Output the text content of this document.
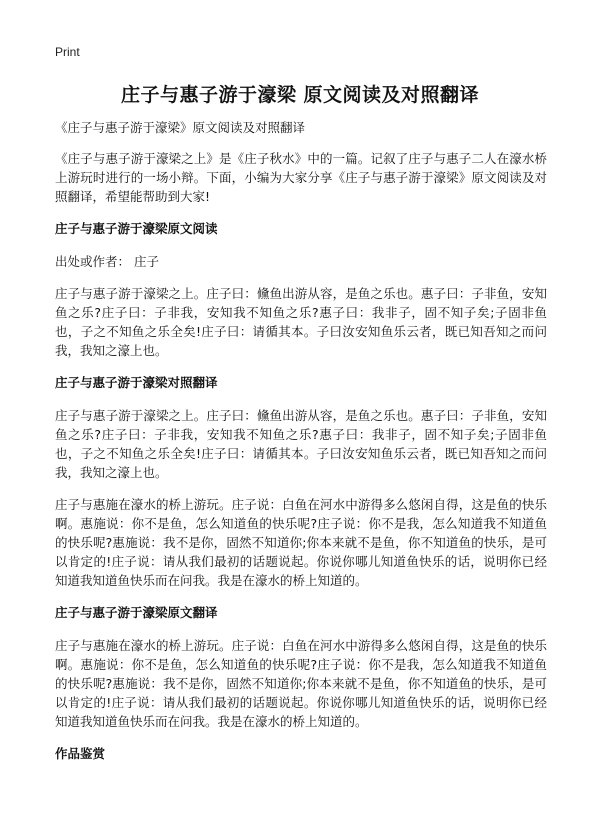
Print
庄子与惠子游于濠梁 原文阅读及对照翻译

《庄子与惠子游于濠梁》原文阅读及对照翻译

《庄子与惠子游于濠梁之上》是《庄子秋水》中的一篇。记叙了庄子与惠子二人在濠水桥上游玩时进行的一场小辩。下面，小编为大家分享《庄子与惠子游于濠梁》原文阅读及对照翻译，希望能帮助到大家!

庄子与惠子游于濠梁原文阅读
出处或作者： 庄子

庄子与惠子游于濠梁之上。庄子曰：儵鱼出游从容，是鱼之乐也。惠子曰：子非鱼，安知鱼之乐?庄子曰：子非我，安知我不知鱼之乐?惠子曰：我非子，固不知子矣;子固非鱼也，子之不知鱼之乐全矣!庄子曰：请循其本。子曰汝安知鱼乐云者，既已知吾知之而问我，我知之濠上也。

庄子与惠子游于濠梁对照翻译

庄子与惠子游于濠梁之上。庄子曰：儵鱼出游从容，是鱼之乐也。惠子曰：子非鱼，安知鱼之乐?庄子曰：子非我，安知我不知鱼之乐?惠子曰：我非子，固不知子矣;子固非鱼也，子之不知鱼之乐全矣!庄子曰：请循其本。子曰汝安知鱼乐云者，既已知吾知之而问我，我知之濠上也。

庄子与惠施在濠水的桥上游玩。庄子说：白鱼在河水中游得多么悠闲自得，这是鱼的快乐啊。惠施说：你不是鱼，怎么知道鱼的快乐呢?庄子说：你不是我，怎么知道我不知道鱼的快乐呢?惠施说：我不是你，固然不知道你;你本来就不是鱼，你不知道鱼的快乐，是可以肯定的!庄子说：请从我们最初的话题说起。你说你哪儿知道鱼快乐的话，说明你已经知道我知道鱼快乐而在问我。我是在濠水的桥上知道的。

庄子与惠子游于濠梁原文翻译

庄子与惠施在濠水的桥上游玩。庄子说：白鱼在河水中游得多么悠闲自得，这是鱼的快乐啊。惠施说：你不是鱼，怎么知道鱼的快乐呢?庄子说：你不是我，怎么知道我不知道鱼的快乐呢?惠施说：我不是你，固然不知道你;你本来就不是鱼，你不知道鱼的快乐，是可以肯定的!庄子说：请从我们最初的话题说起。你说你哪儿知道鱼快乐的话，说明你已经知道我知道鱼快乐而在问我。我是在濠水的桥上知道的。

作品鉴赏
